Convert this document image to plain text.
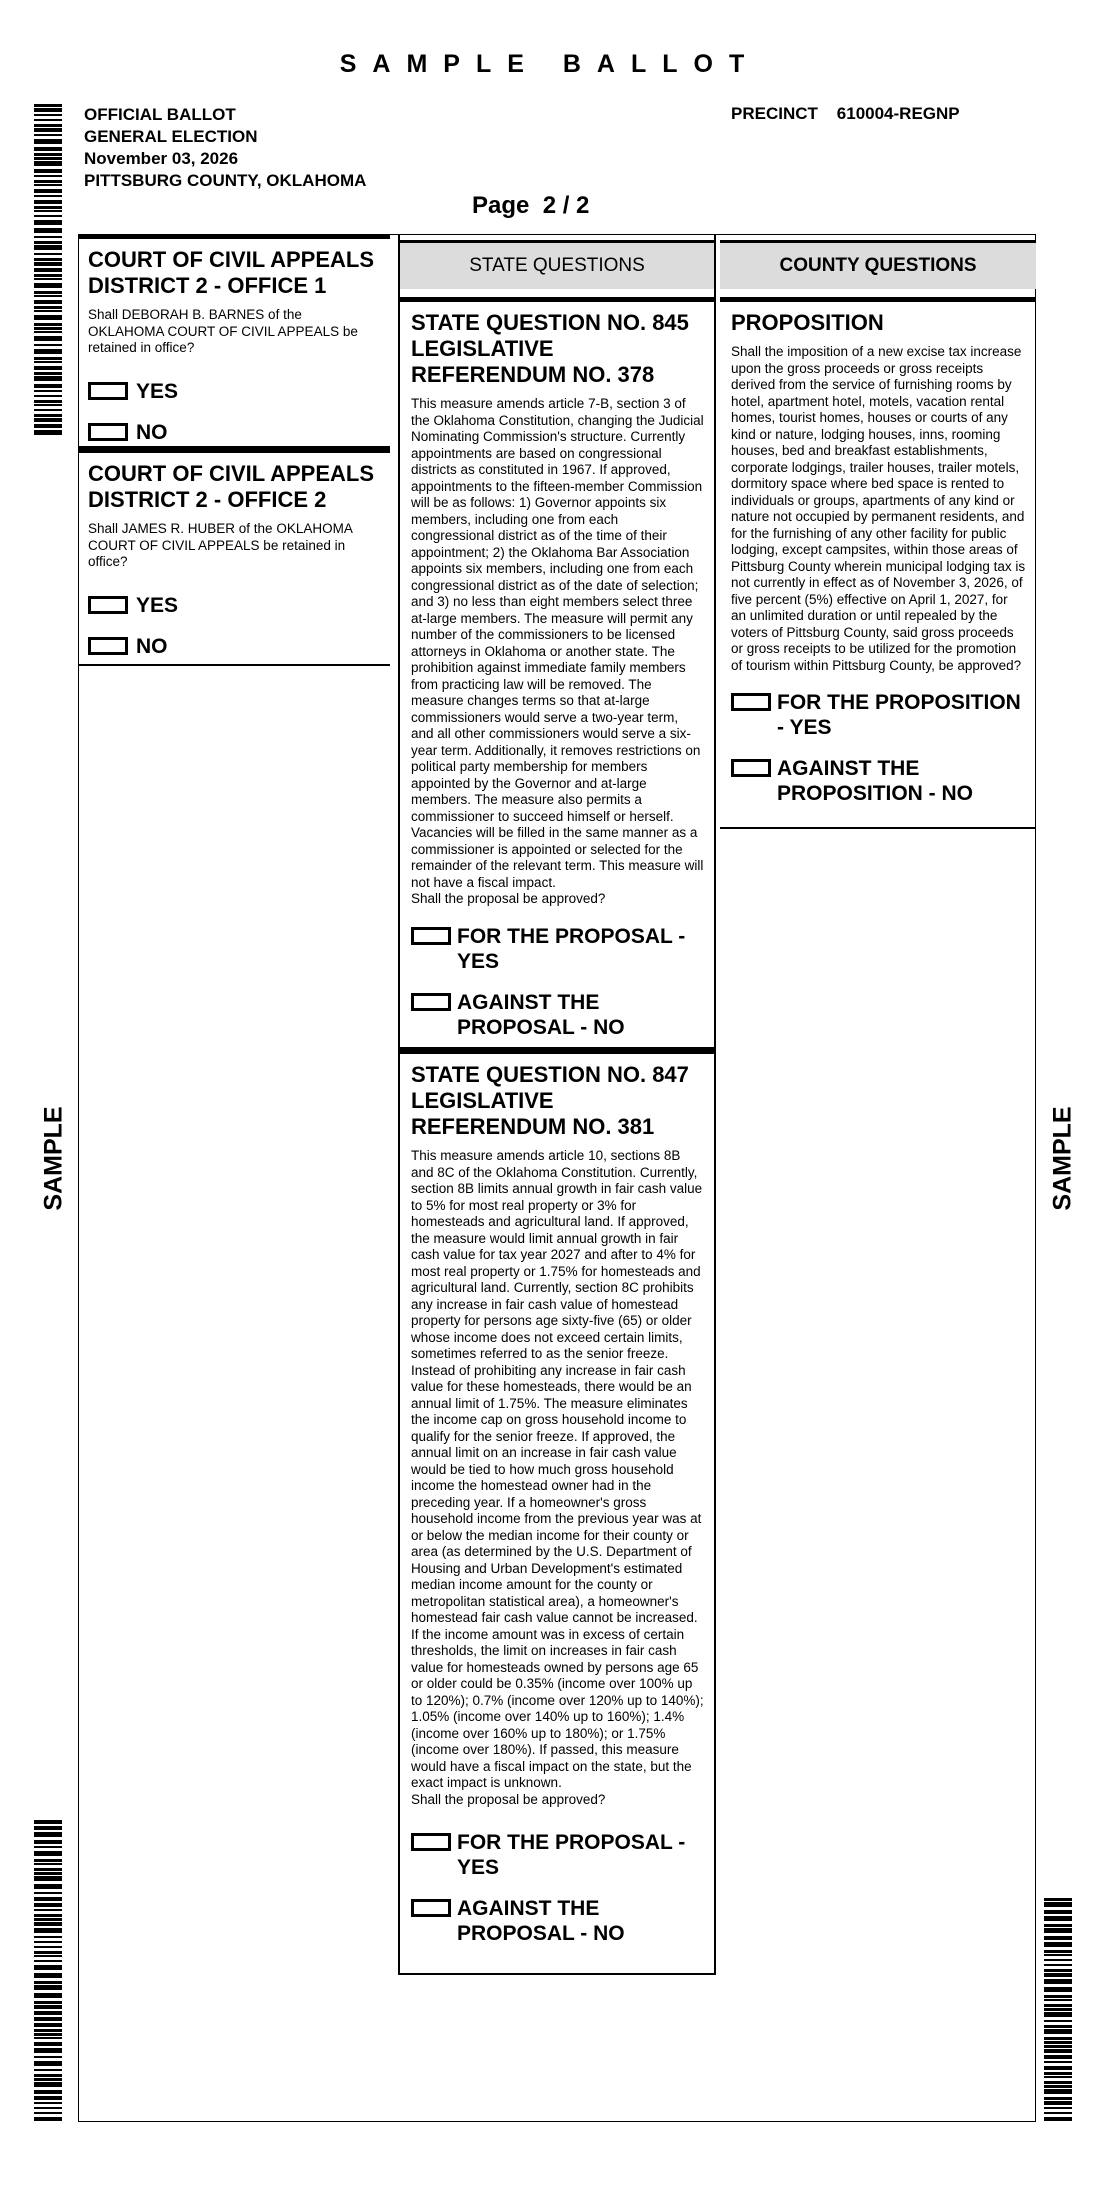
SAMPLE BALLOT
OFFICIAL BALLOT
GENERAL ELECTION
November 03, 2026
PITTSBURG COUNTY, OKLAHOMA
PRECINCT    610004-REGNP
Page  2 / 2
SAMPLE	SAMPLE
COURT OF CIVIL APPEALS DISTRICT 2 - OFFICE 1
Shall DEBORAH B. BARNES of the OKLAHOMA COURT OF CIVIL APPEALS be retained in office?
YES
NO
COURT OF CIVIL APPEALS DISTRICT 2 - OFFICE 2
Shall JAMES R. HUBER of the OKLAHOMA COURT OF CIVIL APPEALS be retained in office?
YES
NO
STATE QUESTIONS
STATE QUESTION NO. 845 LEGISLATIVE REFERENDUM NO. 378
This measure amends article 7-B, section 3 of the Oklahoma Constitution, changing the Judicial Nominating Commission's structure. Currently appointments are based on congressional districts as constituted in 1967. If approved, appointments to the fifteen-member Commission will be as follows: 1) Governor appoints six members, including one from each congressional district as of the time of their appointment; 2) the Oklahoma Bar Association appoints six members, including one from each congressional district as of the date of selection; and 3) no less than eight members select three at-large members. The measure will permit any number of the commissioners to be licensed attorneys in Oklahoma or another state. The prohibition against immediate family members from practicing law will be removed. The measure changes terms so that at-large commissioners would serve a two-year term, and all other commissioners would serve a six-year term. Additionally, it removes restrictions on political party membership for members appointed by the Governor and at-large members. The measure also permits a commissioner to succeed himself or herself. Vacancies will be filled in the same manner as a commissioner is appointed or selected for the remainder of the relevant term. This measure will not have a fiscal impact.
Shall the proposal be approved?
FOR THE PROPOSAL - YES
AGAINST THE PROPOSAL - NO
STATE QUESTION NO. 847 LEGISLATIVE REFERENDUM NO. 381
This measure amends article 10, sections 8B and 8C of the Oklahoma Constitution. Currently, section 8B limits annual growth in fair cash value to 5% for most real property or 3% for homesteads and agricultural land. If approved, the measure would limit annual growth in fair cash value for tax year 2027 and after to 4% for most real property or 1.75% for homesteads and agricultural land. Currently, section 8C prohibits any increase in fair cash value of homestead property for persons age sixty-five (65) or older whose income does not exceed certain limits, sometimes referred to as the senior freeze. Instead of prohibiting any increase in fair cash value for these homesteads, there would be an annual limit of 1.75%. The measure eliminates the income cap on gross household income to qualify for the senior freeze. If approved, the annual limit on an increase in fair cash value would be tied to how much gross household income the homestead owner had in the preceding year. If a homeowner's gross household income from the previous year was at or below the median income for their county or area (as determined by the U.S. Department of Housing and Urban Development's estimated median income amount for the county or metropolitan statistical area), a homeowner's homestead fair cash value cannot be increased. If the income amount was in excess of certain thresholds, the limit on increases in fair cash value for homesteads owned by persons age 65 or older could be 0.35% (income over 100% up to 120%); 0.7% (income over 120% up to 140%); 1.05% (income over 140% up to 160%); 1.4% (income over 160% up to 180%); or 1.75% (income over 180%). If passed, this measure would have a fiscal impact on the state, but the exact impact is unknown.
Shall the proposal be approved?
FOR THE PROPOSAL - YES
AGAINST THE PROPOSAL - NO
COUNTY QUESTIONS
PROPOSITION
Shall the imposition of a new excise tax increase upon the gross proceeds or gross receipts derived from the service of furnishing rooms by hotel, apartment hotel, motels, vacation rental homes, tourist homes, houses or courts of any kind or nature, lodging houses, inns, rooming houses, bed and breakfast establishments, corporate lodgings, trailer houses, trailer motels, dormitory space where bed space is rented to individuals or groups, apartments of any kind or nature not occupied by permanent residents, and for the furnishing of any other facility for public lodging, except campsites, within those areas of Pittsburg County wherein municipal lodging tax is not currently in effect as of November 3, 2026, of five percent (5%) effective on April 1, 2027, for an unlimited duration or until repealed by the voters of Pittsburg County, said gross proceeds or gross receipts to be utilized for the promotion of tourism within Pittsburg County, be approved?
FOR THE PROPOSITION - YES
AGAINST THE PROPOSITION - NO
